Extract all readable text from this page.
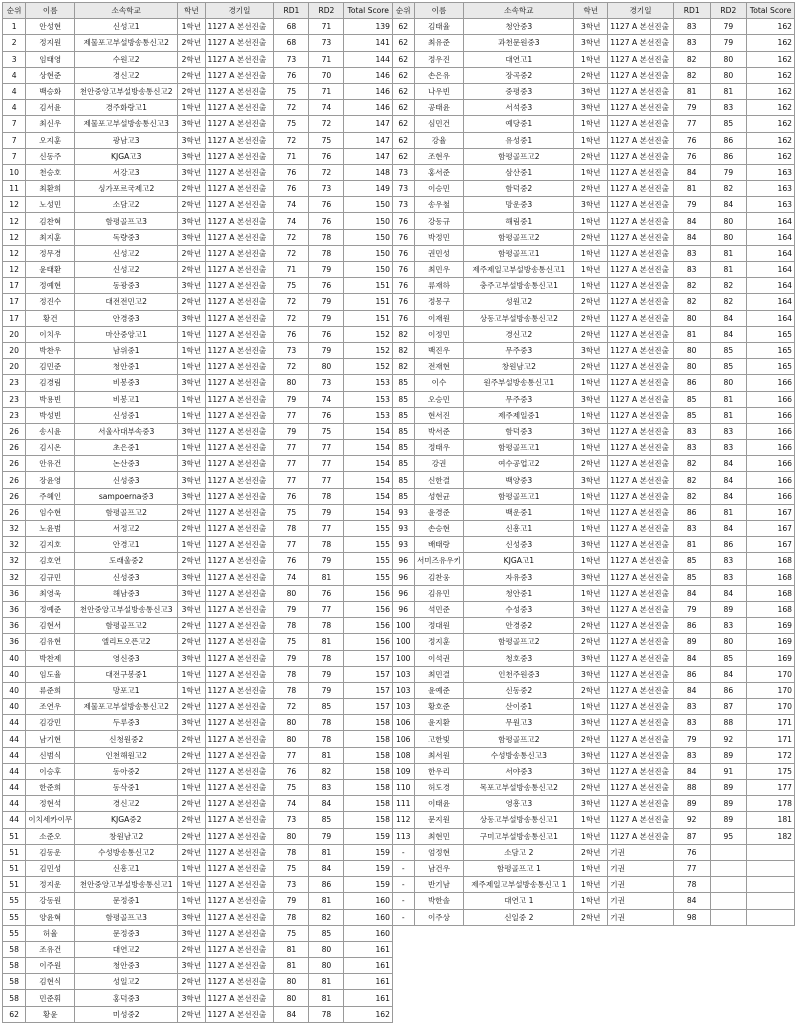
순위	이름	소속학교	학년	경기일	RD1	RD2	Total Score	순위	이름	소속학교	학년	경기일	RD1	RD2	Total Score
1	안성현	신성고1	1학년	1127 A 본선진출	68	71	139	62	김태율	청안중3	3학년	1127 A 본선진출	83	79	162
2	정지원	제물포고부설방송통신고2	2학년	1127 A 본선진출	68	73	141	62	최유준	과천문원중3	3학년	1127 A 본선진출	83	79	162
3	임태영	수원고2	2학년	1127 A 본선진출	73	71	144	62	정우진	대연고1	1학년	1127 A 본선진출	82	80	162
4	상현준	경신고2	2학년	1127 A 본선진출	76	70	146	62	손은유	장곡중2	2학년	1127 A 본선진출	82	80	162
4	백승화	천안중앙고부설방송통신고2	2학년	1127 A 본선진출	75	71	146	62	나우빈	중평중3	3학년	1127 A 본선진출	81	81	162
4	김서윤	경주화랑고1	1학년	1127 A 본선진출	72	74	146	62	공태윤	서석중3	3학년	1127 A 본선진출	79	83	162
7	최신우	제물포고부설방송통신고3	3학년	1127 A 본선진출	75	72	147	62	심민건	예당중1	1학년	1127 A 본선진출	77	85	162
7	오지훈	광남고3	3학년	1127 A 본선진출	72	75	147	62	강율	유성중1	1학년	1127 A 본선진출	76	86	162
7	신동주	KJGA고3	3학년	1127 A 본선진출	71	76	147	62	조현우	함평골프고2	2학년	1127 A 본선진출	76	86	162
10	천승호	서강고3	3학년	1127 A 본선진출	76	72	148	73	홍서준	삼산중1	1학년	1127 A 본선진출	84	79	163
11	최환희	싱가포르국제고2	2학년	1127 A 본선진출	76	73	149	73	이승민	함덕중2	2학년	1127 A 본선진출	81	82	163
12	노성민	소담고2	2학년	1127 A 본선진출	74	76	150	73	송우철	망운중3	3학년	1127 A 본선진출	79	84	163
12	김찬혁	함평골프고3	3학년	1127 A 본선진출	74	76	150	76	강동규	해림중1	1학년	1127 A 본선진출	84	80	164
12	최지훈	독량중3	3학년	1127 A 본선진출	72	78	150	76	박정민	함평골프고2	2학년	1127 A 본선진출	84	80	164
12	정무경	신성고2	2학년	1127 A 본선진출	72	78	150	76	권민성	함평골프고1	1학년	1127 A 본선진출	83	81	164
12	윤태환	신성고2	2학년	1127 A 본선진출	71	79	150	76	최민우	제주제일고부설방송통신고1	1학년	1127 A 본선진출	83	81	164
17	정예현	동광중3	3학년	1127 A 본선진출	75	76	151	76	류재하	충주고부설방송통신고1	1학년	1127 A 본선진출	82	82	164
17	정진수	대전전민고2	2학년	1127 A 본선진출	72	79	151	76	정몽구	성원고2	2학년	1127 A 본선진출	82	82	164
17	황건	안경중3	3학년	1127 A 본선진출	72	79	151	76	이재원	상동고부설방송통신고2	2학년	1127 A 본선진출	80	84	164
20	이치우	마산중앙고1	1학년	1127 A 본선진출	76	76	152	82	이정민	경신고2	2학년	1127 A 본선진출	81	84	165
20	박찬우	남위중1	1학년	1127 A 본선진출	73	79	152	82	백진우	무주중3	3학년	1127 A 본선진출	80	85	165
20	김민준	청안중1	1학년	1127 A 본선진출	72	80	152	82	전재현	창원남고2	2학년	1127 A 본선진출	80	85	165
23	김경림	비봉중3	3학년	1127 A 본선진출	80	73	153	85	이수	원주부설방송통신고1	1학년	1127 A 본선진출	86	80	166
23	박용빈	비봉고1	1학년	1127 A 본선진출	79	74	153	85	오승민	무주중3	3학년	1127 A 본선진출	85	81	166
23	박성빈	신성중1	1학년	1127 A 본선진출	77	76	153	85	현서진	제주제일중1	1학년	1127 A 본선진출	85	81	166
26	송시윤	서울사대부속중3	3학년	1127 A 본선진출	79	75	154	85	박서준	함덕중3	3학년	1127 A 본선진출	83	83	166
26	김시온	초은중1	1학년	1127 A 본선진출	77	77	154	85	정태우	함평골프고1	1학년	1127 A 본선진출	83	83	166
26	안유건	논산중3	3학년	1127 A 본선진출	77	77	154	85	강권	여수공업고2	2학년	1127 A 본선진출	82	84	166
26	장윤영	신성중3	3학년	1127 A 본선진출	77	77	154	85	신한결	백양중3	3학년	1127 A 본선진출	82	84	166
26	주혜인	sampoerna중3	3학년	1127 A 본선진출	76	78	154	85	성현균	함평골프고1	1학년	1127 A 본선진출	82	84	166
26	임수현	함평골프고2	2학년	1127 A 본선진출	75	79	154	93	윤경준	백운중1	1학년	1127 A 본선진출	86	81	167
32	노윤범	서정고2	2학년	1127 A 본선진출	78	77	155	93	손승현	신흥고1	1학년	1127 A 본선진출	83	84	167
32	김지호	안경고1	1학년	1127 A 본선진출	77	78	155	93	배태랑	신성중3	3학년	1127 A 본선진출	81	86	167
32	김호연	도래울중2	2학년	1127 A 본선진출	76	79	155	96	서미즈유우키	KJGA고1	1학년	1127 A 본선진출	85	83	168
32	김규민	신성중3	3학년	1127 A 본선진출	74	81	155	96	김찬웅	자유중3	3학년	1127 A 본선진출	85	83	168
36	최영욱	해남중3	3학년	1127 A 본선진출	80	76	156	96	김유민	청안중1	1학년	1127 A 본선진출	84	84	168
36	정예준	천안중앙고부설방송통신고3	3학년	1127 A 본선진출	79	77	156	96	석민준	수성중3	3학년	1127 A 본선진출	79	89	168
36	김현서	함평골프고2	2학년	1127 A 본선진출	78	78	156	100	정대원	안경중2	2학년	1127 A 본선진출	86	83	169
36	김유현	엘리트오픈고2	2학년	1127 A 본선진출	75	81	156	100	정지훈	함평골프고2	2학년	1127 A 본선진출	89	80	169
40	박찬제	영신중3	3학년	1127 A 본선진출	79	78	157	100	이석권	청호중3	3학년	1127 A 본선진출	84	85	169
40	임도율	대전구봉중1	1학년	1127 A 본선진출	78	79	157	103	최민결	인천주원중3	3학년	1127 A 본선진출	86	84	170
40	류준희	망포고1	1학년	1127 A 본선진출	78	79	157	103	윤예준	신동중2	2학년	1127 A 본선진출	84	86	170
40	조연우	제물포고부설방송통신고2	2학년	1127 A 본선진출	72	85	157	103	황호준	산이중1	1학년	1127 A 본선진출	83	87	170
44	김강민	두루중3	3학년	1127 A 본선진출	80	78	158	106	윤지환	무원고3	3학년	1127 A 본선진출	83	88	171
44	남기현	신청원중2	2학년	1127 A 본선진출	80	78	158	106	고한빛	함평골프고2	2학년	1127 A 본선진출	79	92	171
44	신범식	인천해원고2	2학년	1127 A 본선진출	77	81	158	108	최서원	수성방송통신고3	3학년	1127 A 본선진출	83	89	172
44	이승후	동아중2	2학년	1127 A 본선진출	76	82	158	109	한우리	서야중3	3학년	1127 A 본선진출	84	91	175
44	한준희	동삭중1	1학년	1127 A 본선진출	75	83	158	110	허도경	목포고부설방송통신고2	2학년	1127 A 본선진출	88	89	177
44	정현석	경신고2	2학년	1127 A 본선진출	74	84	158	111	이태윤	영흥고3	3학년	1127 A 본선진출	89	89	178
44	이치세카이무	KJGA중2	2학년	1127 A 본선진출	73	85	158	112	문지원	상동고부설방송통신고1	1학년	1127 A 본선진출	92	89	181
51	소준오	창원남고2	2학년	1127 A 본선진출	80	79	159	113	최현민	구미고부설방송통신고1	1학년	1127 A 본선진출	87	95	182
51	김동운	수성방송통신고2	2학년	1127 A 본선진출	78	81	159	-	엄정현	소담고 2	2학년	기권	76		
51	김민성	신흥고1	1학년	1127 A 본선진출	75	84	159	-	남건우	함평골프고 1	1학년	기권	77		
51	정지운	천안중앙고부설방송통신고1	1학년	1127 A 본선진출	73	86	159	-	반기남	제주제일고부설방송통신고 1	1학년	기권	78		
55	강동원	문정중1	1학년	1127 A 본선진출	79	81	160	-	박한솔	대연고 1	1학년	기권	84		
55	양윤혁	함평골프고3	3학년	1127 A 본선진출	78	82	160	-	이주상	신일중 2	2학년	기권	98		
55	허율	문정중3	3학년	1127 A 본선진출	75	85	160								
58	조유건	대연고2	2학년	1127 A 본선진출	81	80	161								
58	이주원	청안중3	3학년	1127 A 본선진출	81	80	161								
58	김현식	성일고2	2학년	1127 A 본선진출	80	81	161								
58	민준휘	홍덕중3	3학년	1127 A 본선진출	80	81	161								
62	황윤	미성중2	2학년	1127 A 본선진출	84	78	162								
